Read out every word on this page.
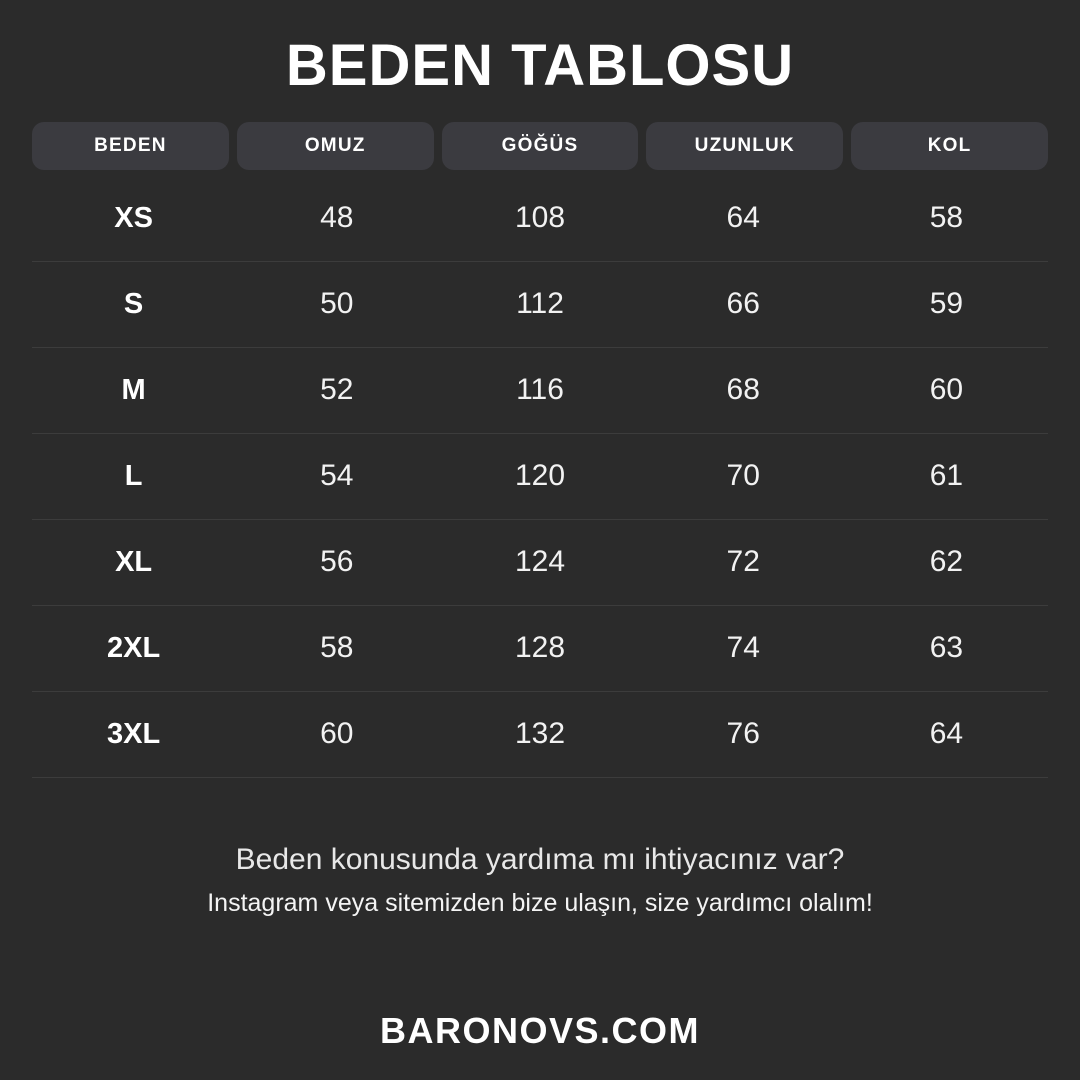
BEDEN TABLOSU
BEDEN	OMUZ	GÖĞÜS	UZUNLUK	KOL
XS	48	108	64	58
S	50	112	66	59
M	52	116	68	60
L	54	120	70	61
XL	56	124	72	62
2XL	58	128	74	63
3XL	60	132	76	64
Beden konusunda yardıma mı ihtiyacınız var?
Instagram veya sitemizden bize ulaşın, size yardımcı olalım!
BARONOVS.COM
